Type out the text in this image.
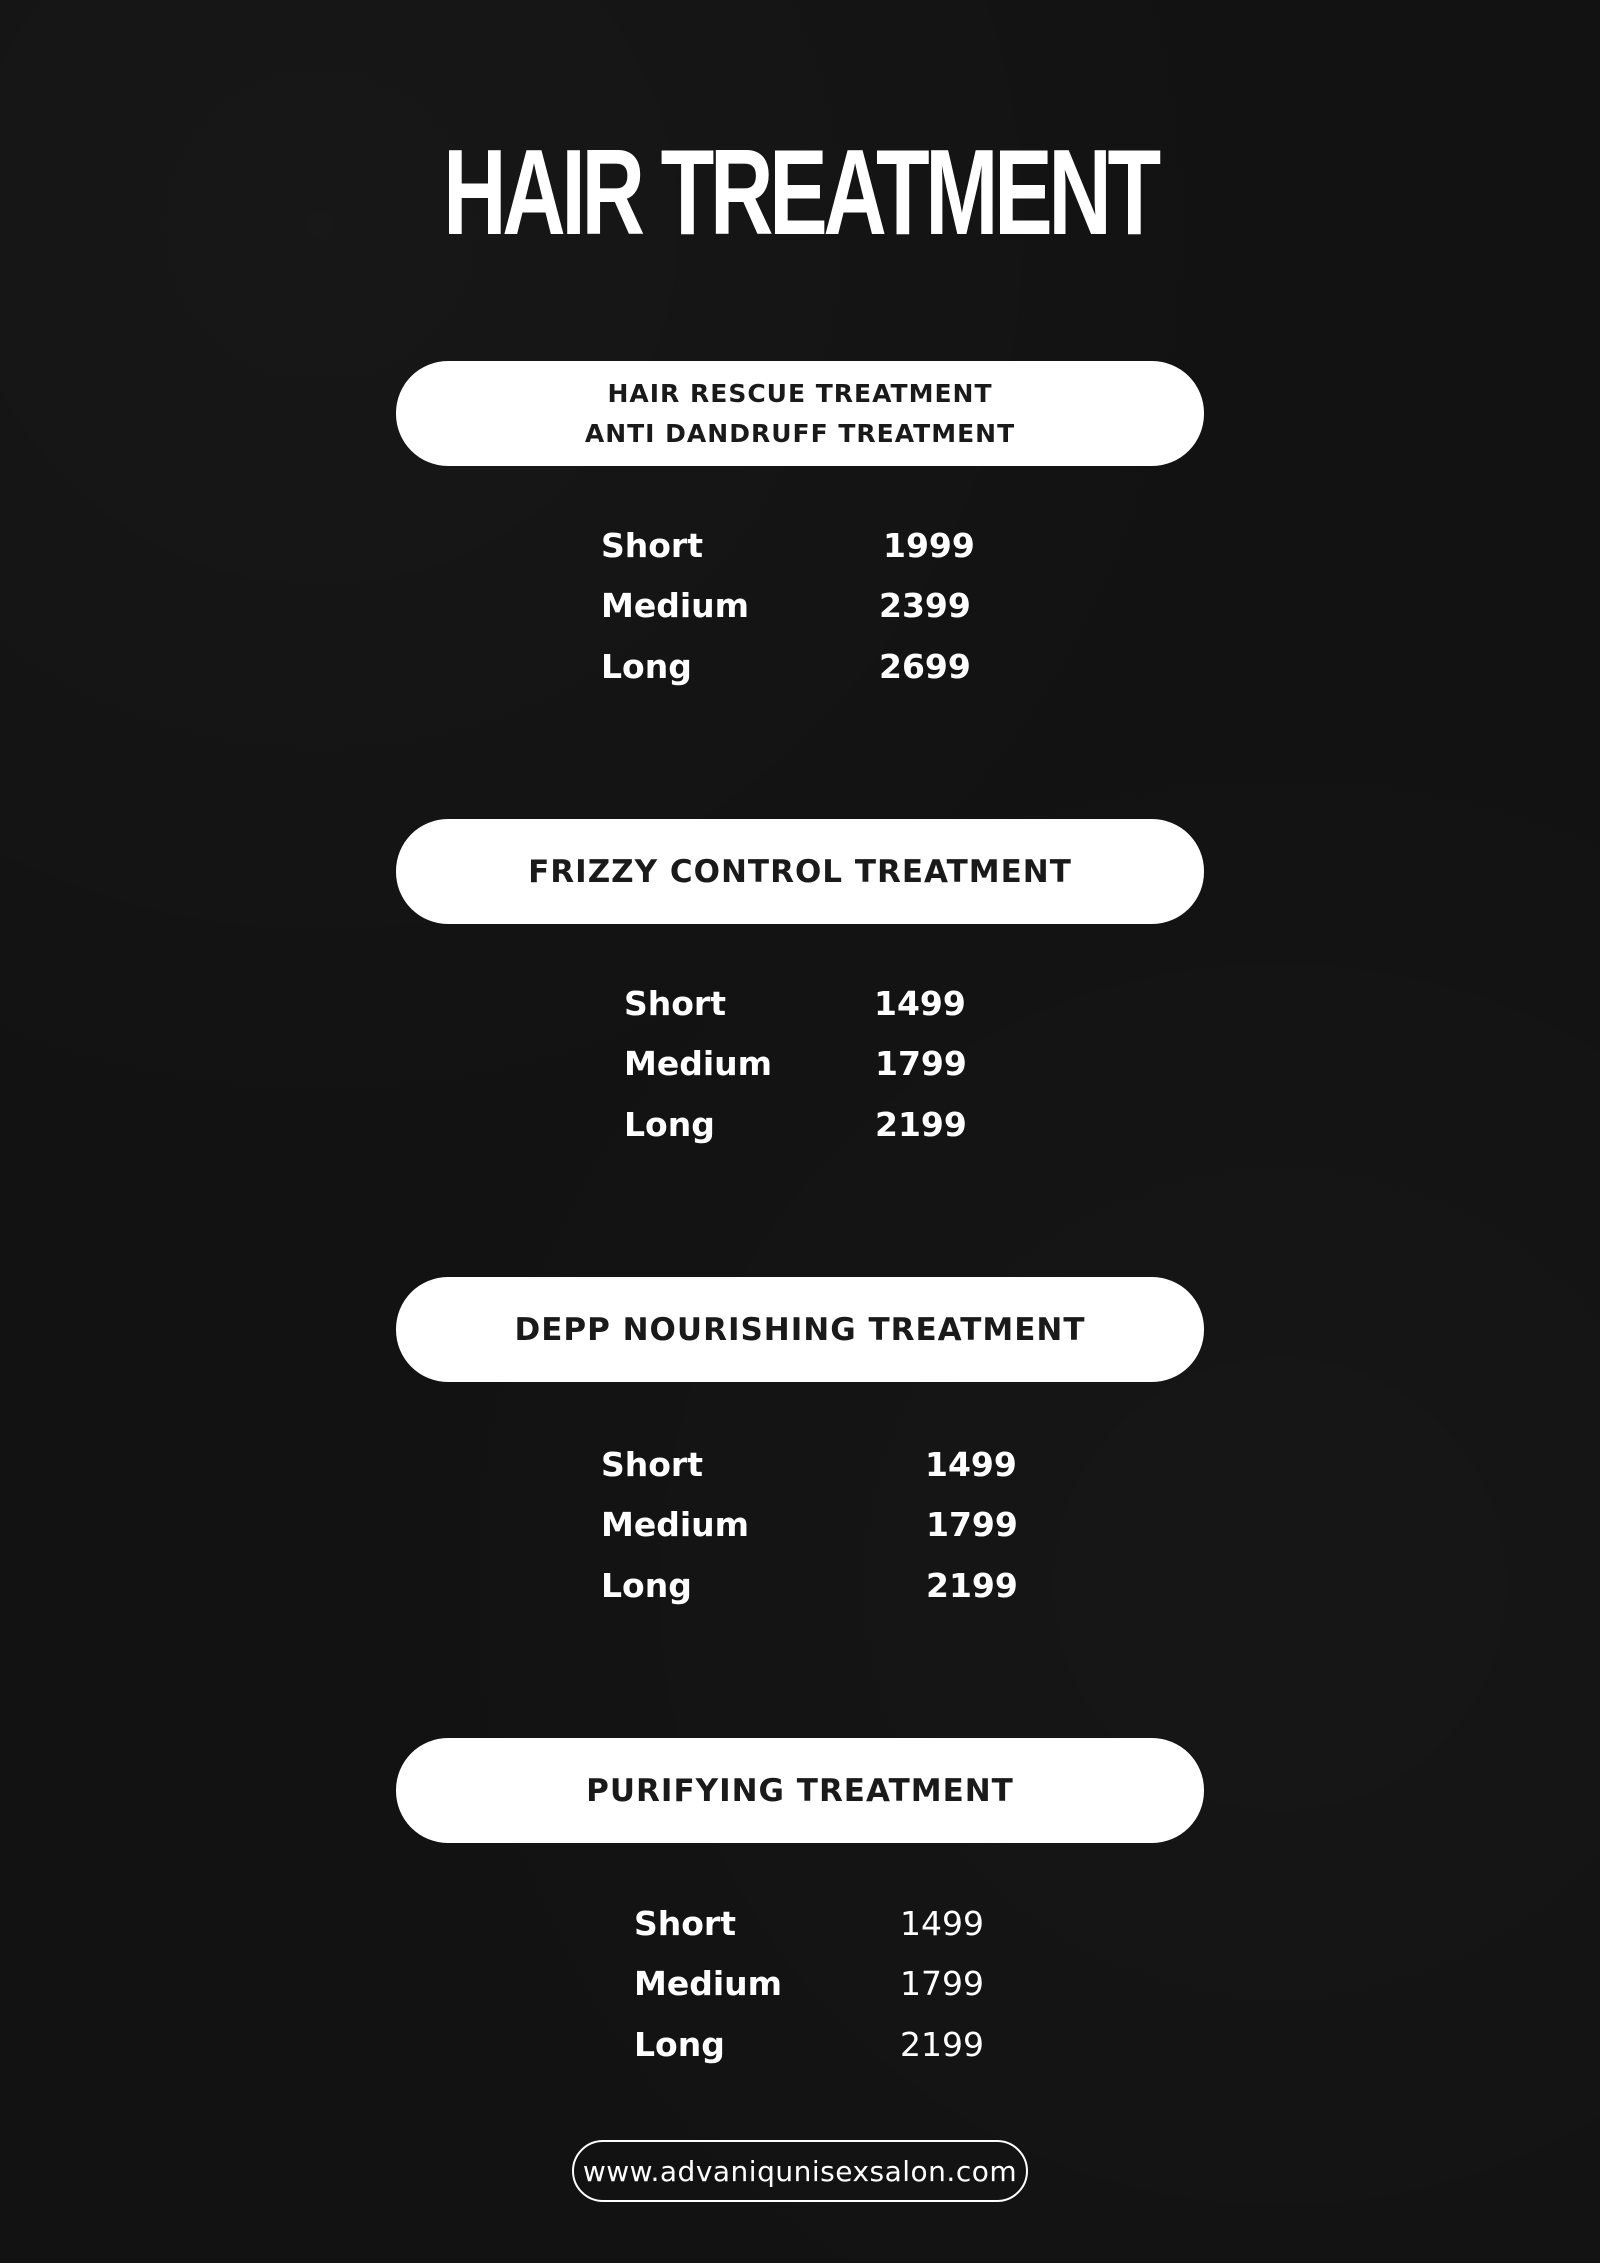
HAIR TREATMENT
HAIR RESCUE TREATMENT
ANTI DANDRUFF TREATMENT
Short	1999
Medium	2399
Long	2699
FRIZZY CONTROL TREATMENT
Short	1499
Medium	1799
Long	2199
DEPP NOURISHING TREATMENT
Short	1499
Medium	1799
Long	2199
PURIFYING TREATMENT
Short	1499
Medium	1799
Long	2199
www.advaniqunisexsalon.com
